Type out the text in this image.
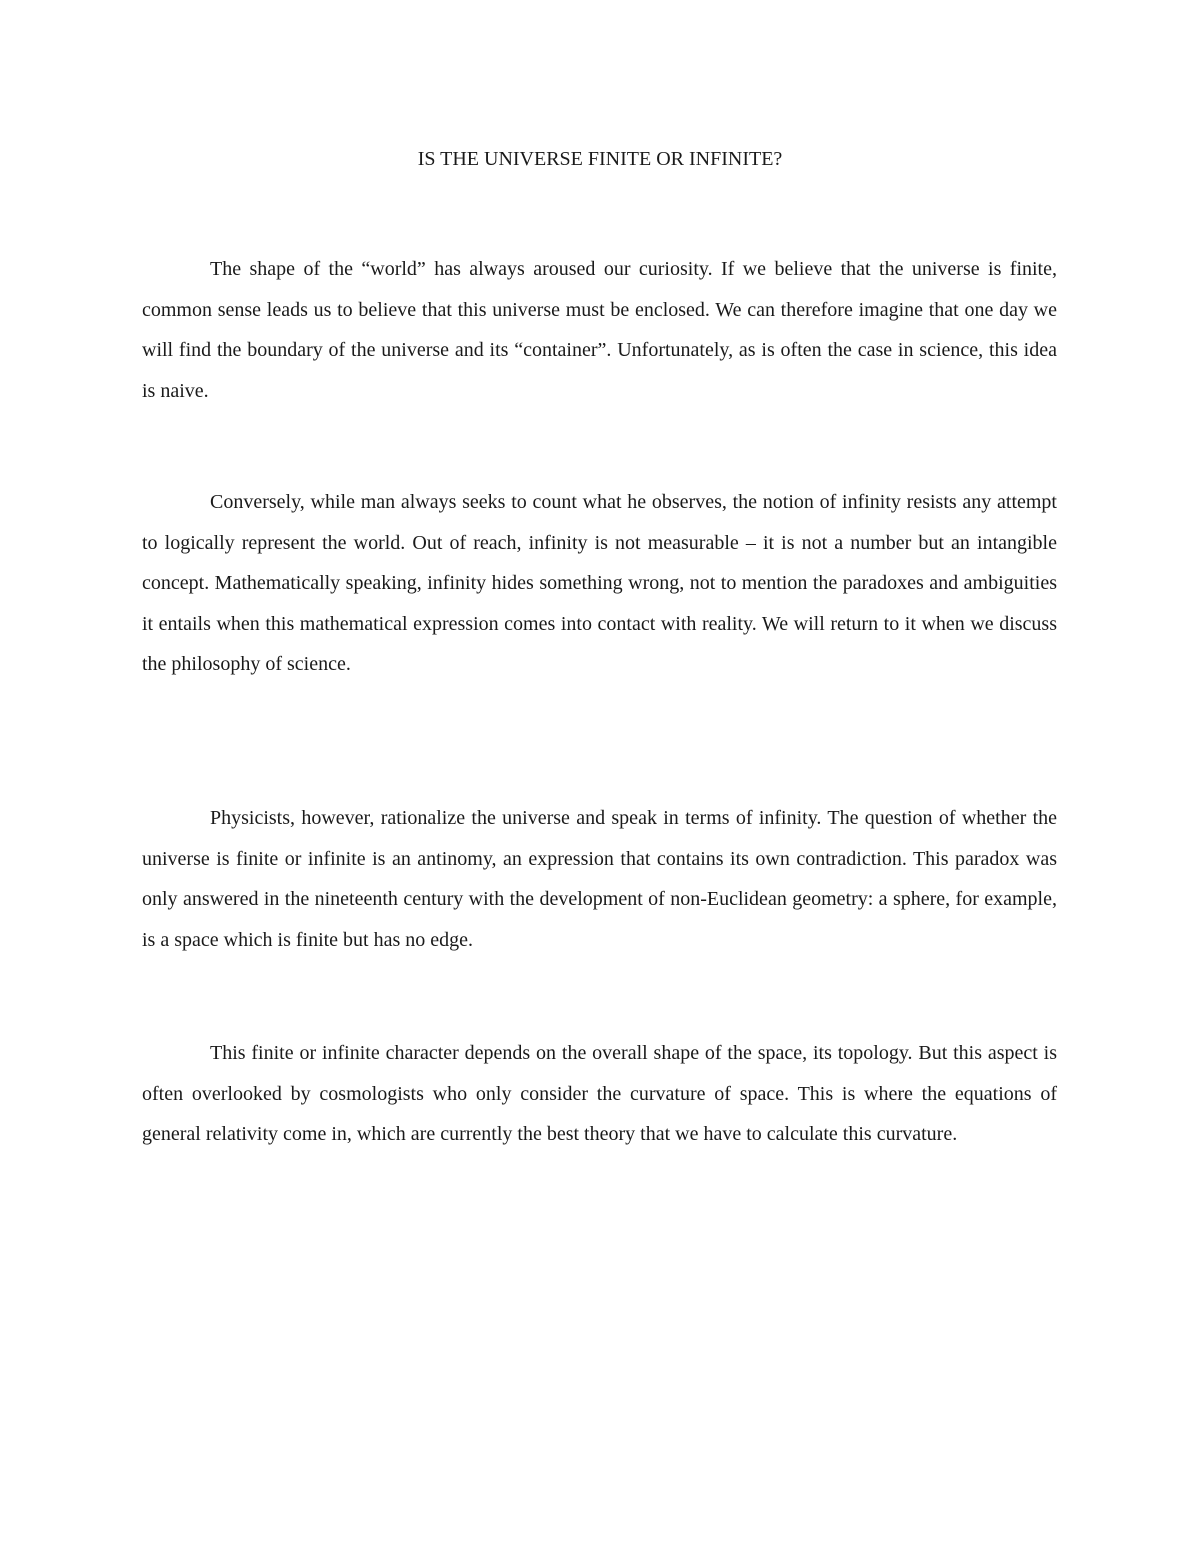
IS THE UNIVERSE FINITE OR INFINITE?

The shape of the “world” has always aroused our curiosity. If we believe that the universe is finite, common sense leads us to believe that this universe must be enclosed. We can therefore imagine that one day we will find the boundary of the universe and its “container”. Unfortunately, as is often the case in science, this idea is naive.

Conversely, while man always seeks to count what he observes, the notion of infinity resists any attempt to logically represent the world. Out of reach, infinity is not measurable – it is not a number but an intangible concept. Mathematically speaking, infinity hides something wrong, not to mention the paradoxes and ambiguities it entails when this mathematical expression comes into contact with reality. We will return to it when we discuss the philosophy of science.

Physicists, however, rationalize the universe and speak in terms of infinity. The question of whether the universe is finite or infinite is an antinomy, an expression that contains its own contradiction. This paradox was only answered in the nineteenth century with the development of non-Euclidean geometry: a sphere, for example, is a space which is finite but has no edge.

This finite or infinite character depends on the overall shape of the space, its topology. But this aspect is often overlooked by cosmologists who only consider the curvature of space. This is where the equations of general relativity come in, which are currently the best theory that we have to calculate this curvature.
